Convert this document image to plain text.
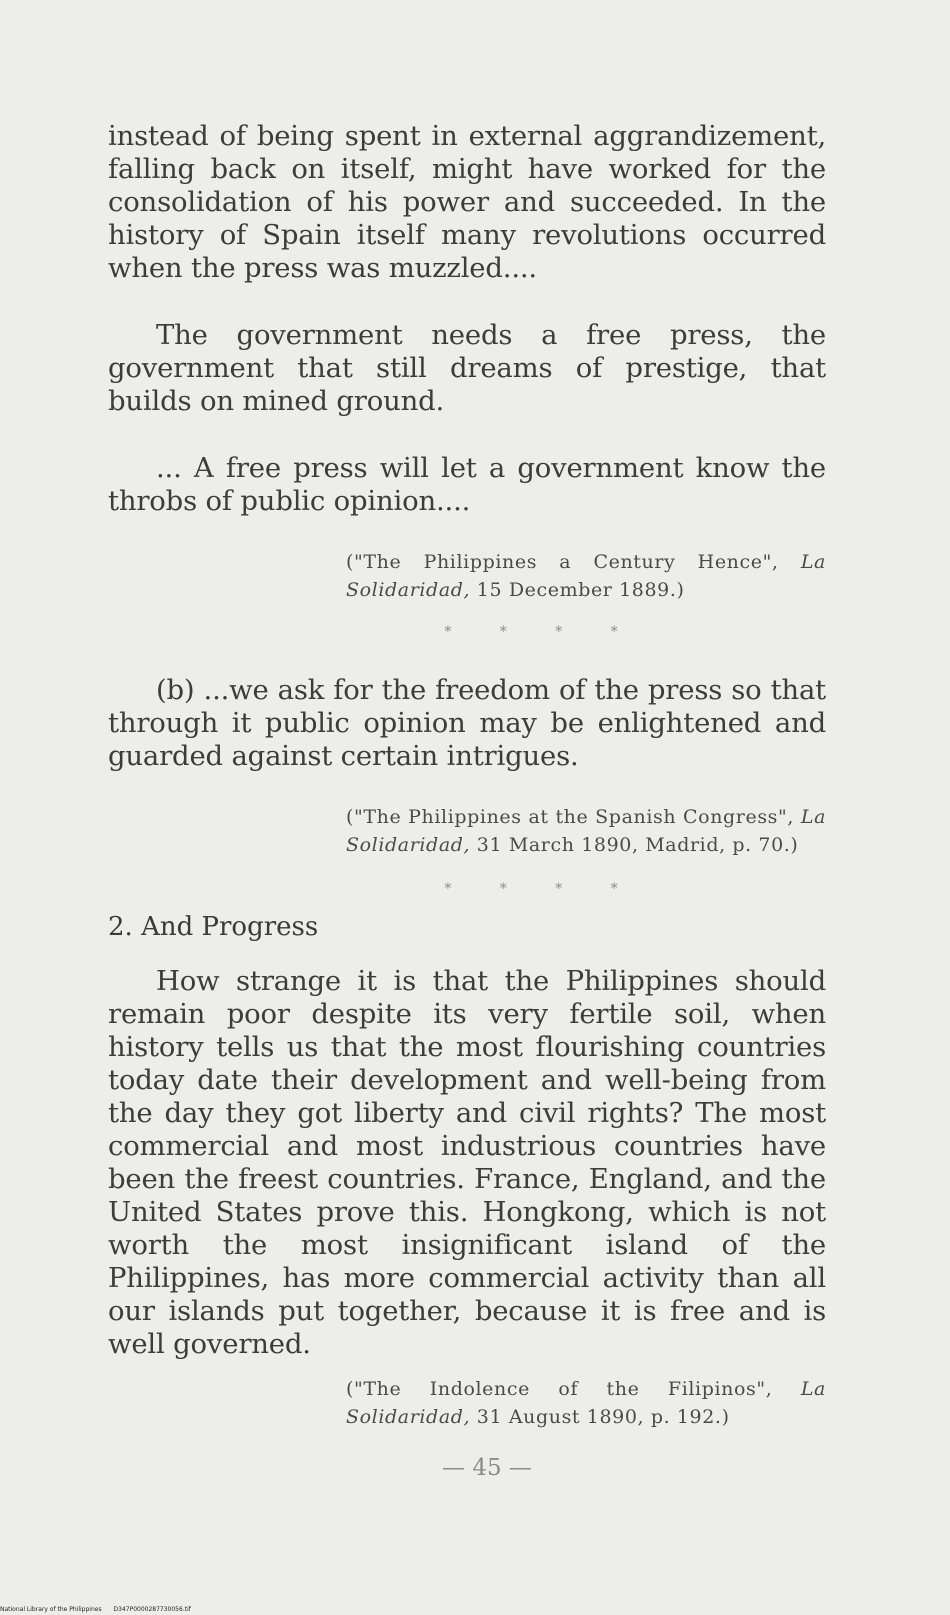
instead of being spent in external aggrandizement, falling back on itself, might have worked for the consolidation of his power and succeeded. In the history of Spain itself many revolutions occurred when the press was muzzled....

The government needs a free press, the government that still dreams of prestige, that builds on mined ground.

... A free press will let a government know the throbs of public opinion....

("The Philippines a Century Hence", La Solidaridad, 15 December 1889.)
* * * *

(b) ...we ask for the freedom of the press so that through it public opinion may be enlightened and guarded against certain intrigues.

("The Philippines at the Spanish Congress", La Solidaridad, 31 March 1890, Madrid, p. 70.)
* * * *

2. And Progress

How strange it is that the Philippines should remain poor despite its very fertile soil, when history tells us that the most flourishing countries today date their development and well-being from the day they got liberty and civil rights? The most commercial and most industrious countries have been the freest countries. France, England, and the United States prove this. Hongkong, which is not worth the most insignificant island of the Philippines, has more commercial activity than all our islands put together, because it is free and is well governed.

("The Indolence of the Filipinos", La Solidaridad, 31 August 1890, p. 192.)
— 45 —
National Library of the Philippines D347P0000287730056.tif
